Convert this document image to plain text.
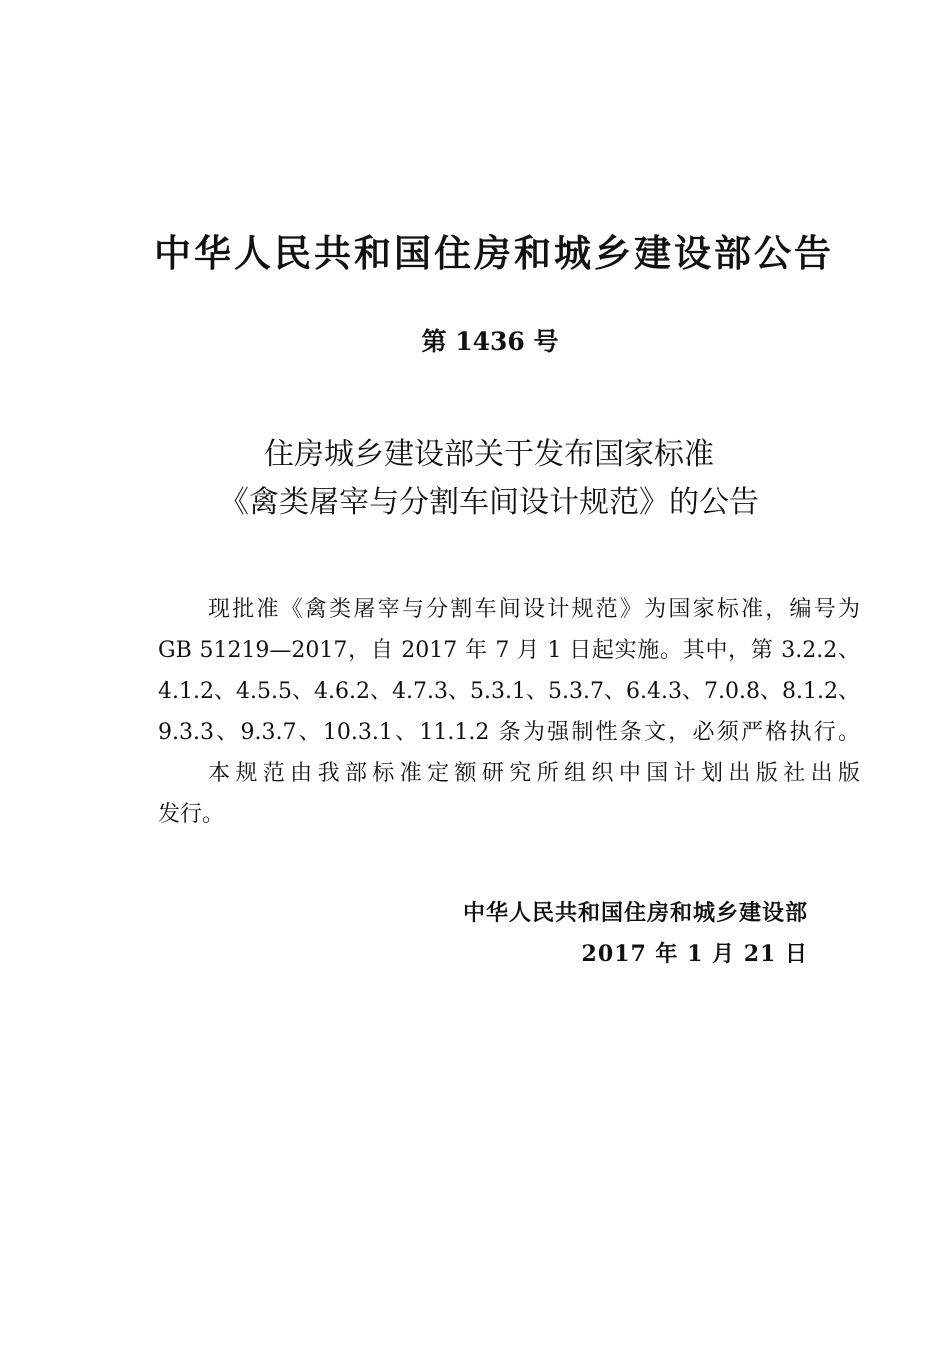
中华人民共和国住房和城乡建设部公告
第 1436 号
住房城乡建设部关于发布国家标准
《禽类屠宰与分割车间设计规范》的公告
现批准《禽类屠宰与分割车间设计规范》为国家标准，编号为
GB 51219—2017，自 2017 年 7 月 1 日起实施。其中，第 3.2.2、
4.1.2、4.5.5、4.6.2、4.7.3、5.3.1、5.3.7、6.4.3、7.0.8、8.1.2、
9.3.3、9.3.7、10.3.1、11.1.2 条为强制性条文，必须严格执行。
本规范由我部标准定额研究所组织中国计划出版社出版
发行。
中华人民共和国住房和城乡建设部
2017 年 1 月 21 日
